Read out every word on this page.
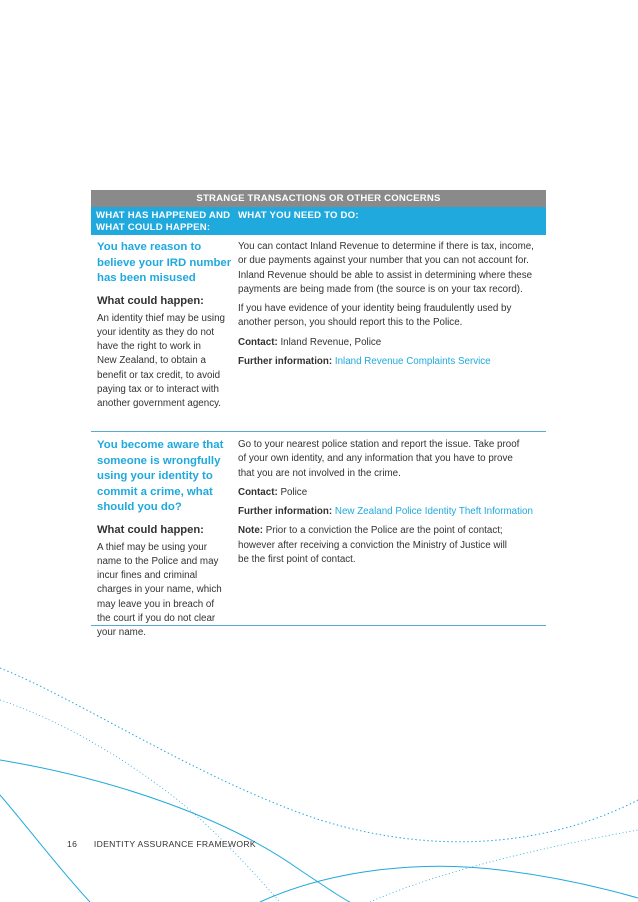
STRANGE TRANSACTIONS OR OTHER CONCERNS
WHAT HAS HAPPENED AND
WHAT COULD HAPPEN:
WHAT YOU NEED TO DO:

You have reason to
believe your IRD number
has been misused

What could happen:

An identity thief may be using
your identity as they do not
have the right to work in
New Zealand, to obtain a
benefit or tax credit, to avoid
paying tax or to interact with
another government agency.

You can contact Inland Revenue to determine if there is tax, income,
or due payments against your number that you can not account for.
Inland Revenue should be able to assist in determining where these
payments are being made from (the source is on your tax record).

If you have evidence of your identity being fraudulently used by
another person, you should report this to the Police.

Contact: Inland Revenue, Police

Further information: Inland Revenue Complaints Service

You become aware that
someone is wrongfully
using your identity to
commit a crime, what
should you do?

What could happen:

A thief may be using your
name to the Police and may
incur fines and criminal
charges in your name, which
may leave you in breach of
the court if you do not clear
your name.

Go to your nearest police station and report the issue. Take proof
of your own identity, and any information that you have to prove
that you are not involved in the crime.

Contact: Police

Further information: New Zealand Police Identity Theft Information

Note: Prior to a conviction the Police are the point of contact;
however after receiving a conviction the Ministry of Justice will
be the first point of contact.

16 IDENTITY ASSURANCE FRAMEWORK
